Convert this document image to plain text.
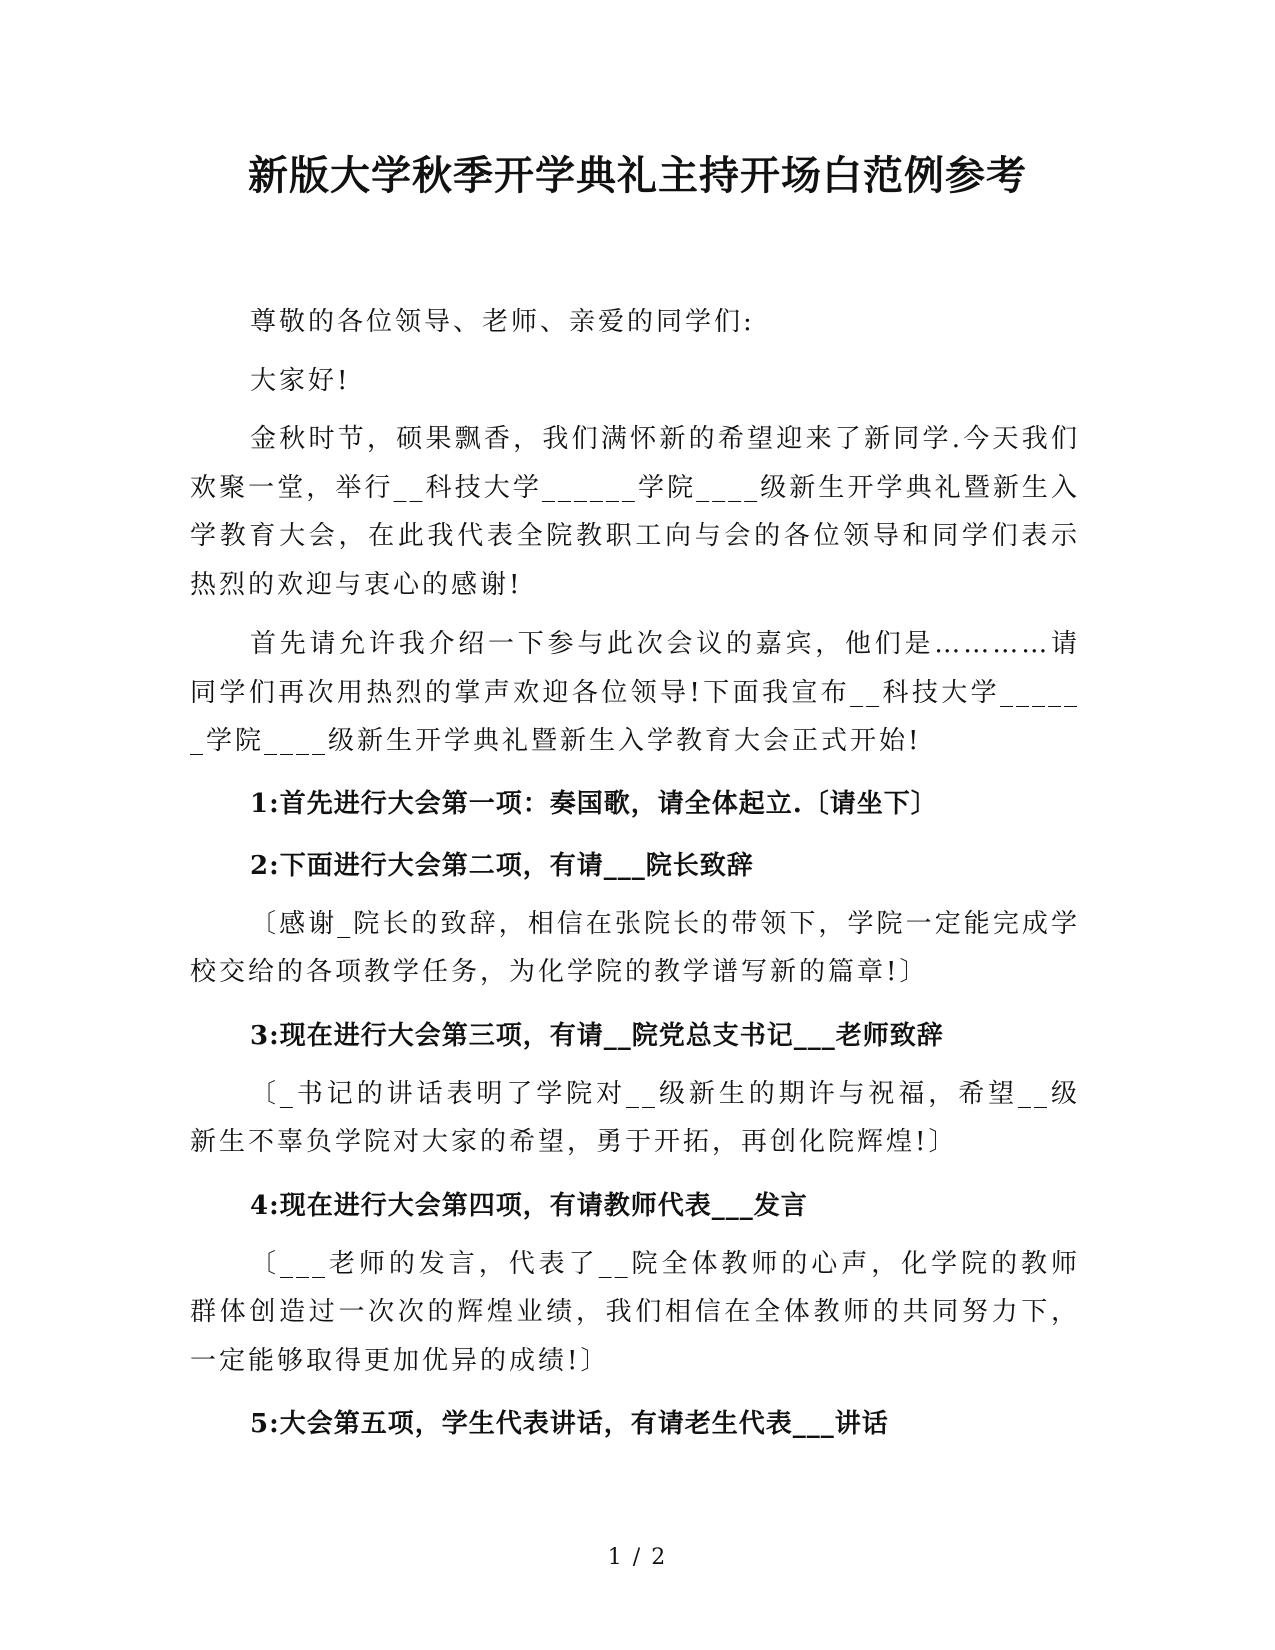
新版大学秋季开学典礼主持开场白范例参考

尊敬的各位领导、老师、亲爱的同学们:

大家好!

金秋时节，硕果飘香，我们满怀新的希望迎来了新同学.今天我们欢聚一堂，举行__科技大学______学院____级新生开学典礼暨新生入学教育大会，在此我代表全院教职工向与会的各位领导和同学们表示热烈的欢迎与衷心的感谢!

首先请允许我介绍一下参与此次会议的嘉宾，他们是…………请同学们再次用热烈的掌声欢迎各位领导!下面我宣布__科技大学______学院____级新生开学典礼暨新生入学教育大会正式开始!

1:首先进行大会第一项：奏国歌，请全体起立.〔请坐下〕

2:下面进行大会第二项，有请___院长致辞

〔感谢_院长的致辞，相信在张院长的带领下，学院一定能完成学校交给的各项教学任务，为化学院的教学谱写新的篇章!〕

3:现在进行大会第三项，有请__院党总支书记___老师致辞

〔_书记的讲话表明了学院对__级新生的期许与祝福，希望__级新生不辜负学院对大家的希望，勇于开拓，再创化院辉煌!〕

4:现在进行大会第四项，有请教师代表___发言

〔___老师的发言，代表了__院全体教师的心声，化学院的教师群体创造过一次次的辉煌业绩，我们相信在全体教师的共同努力下，一定能够取得更加优异的成绩!〕

5:大会第五项，学生代表讲话，有请老生代表___讲话

1 / 2
